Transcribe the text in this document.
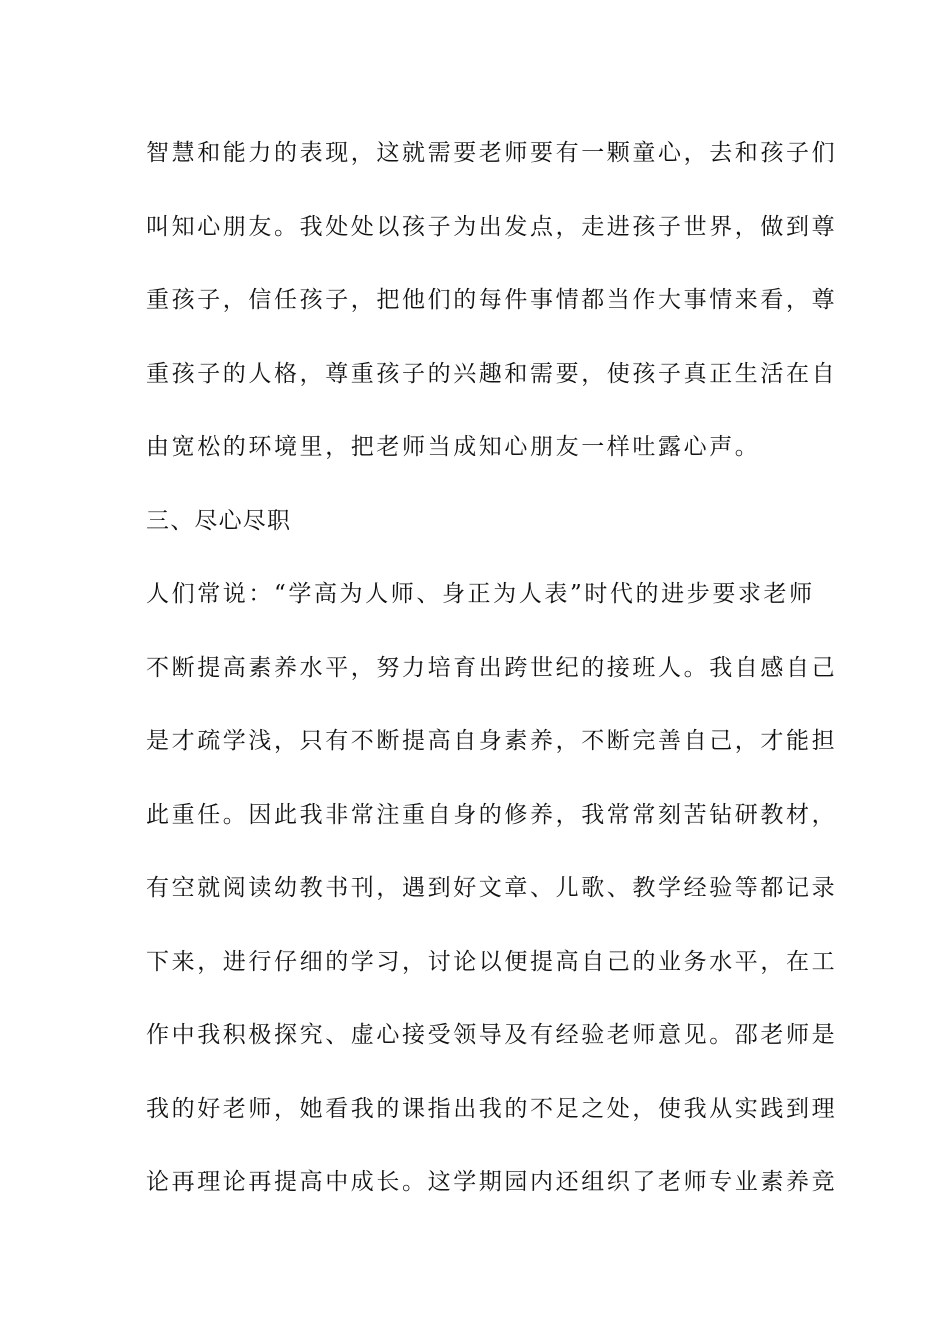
智慧和能力的表现，这就需要老师要有一颗童心，去和孩子们
叫知心朋友。我处处以孩子为出发点，走进孩子世界，做到尊
重孩子，信任孩子，把他们的每件事情都当作大事情来看，尊
重孩子的人格，尊重孩子的兴趣和需要，使孩子真正生活在自
由宽松的环境里，把老师当成知心朋友一样吐露心声。
三、尽心尽职
人们常说：“学高为人师、身正为人表”时代的进步要求老师
不断提高素养水平，努力培育出跨世纪的接班人。我自感自己
是才疏学浅，只有不断提高自身素养，不断完善自己，才能担
此重任。因此我非常注重自身的修养，我常常刻苦钻研教材，
有空就阅读幼教书刊，遇到好文章、儿歌、教学经验等都记录
下来，进行仔细的学习，讨论以便提高自己的业务水平，在工
作中我积极探究、虚心接受领导及有经验老师意见。邵老师是
我的好老师，她看我的课指出我的不足之处，使我从实践到理
论再理论再提高中成长。这学期园内还组织了老师专业素养竞
